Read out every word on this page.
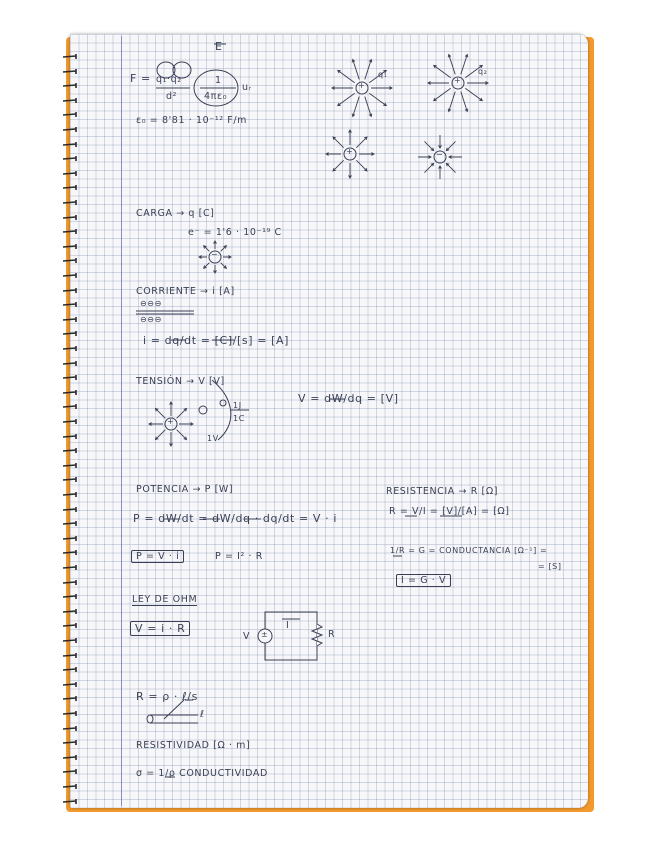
E
F = q₁·q₂
d²
1
4πε₀
uᵣ
ε₀ = 8'81 · 10⁻¹² F/m
q₁	q₂
+
+
+	−
CARGA → q [C]
e⁻ = 1'6 · 10⁻¹⁹ C
−
CORRIENTE → i [A]
⊖⊖⊖
⊖⊖⊖
i = dq/dt = [C]/[s] = [A]
TENSIÓN → V [V]
1J
1C
1V
+
V = dW/dq = [V]
POTENCIA → P [W]
P = dW/dt = dW/dq · dq/dt = V · i
P = V · i	P = I² · R
RESISTENCIA → R [Ω]
R = V/I = [V]/[A] = [Ω]
1/R = G = CONDUCTANCIA [Ω⁻¹] =
= [S]
I = G · V
LEY DE OHM
V = i · R
V ±
I
R
R = ρ · ℓ/s
ℓ
RESISTIVIDAD [Ω · m]
σ = 1/ρ CONDUCTIVIDAD
